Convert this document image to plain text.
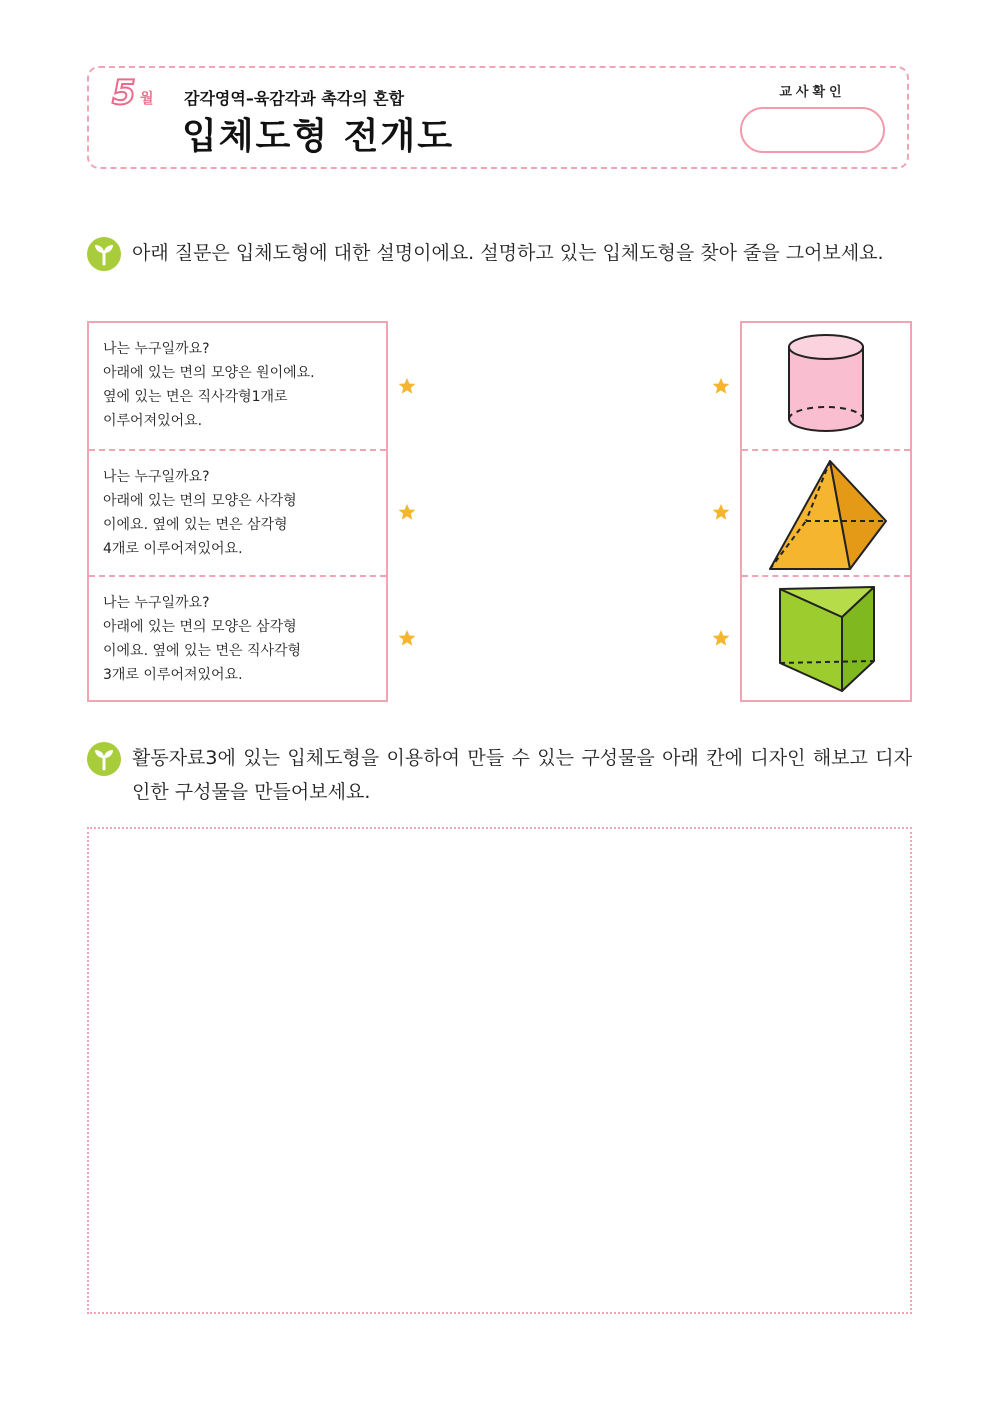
5 월 감각영역–육감각과 촉각의 혼합
입체도형 전개도
교사확인
아래 질문은 입체도형에 대한 설명이에요. 설명하고 있는 입체도형을 찾아 줄을 그어보세요.
나는 누구일까요?
아래에 있는 면의 모양은 원이에요.
옆에 있는 면은 직사각형1개로
이루어져있어요.
나는 누구일까요?
아래에 있는 면의 모양은 사각형
이에요. 옆에 있는 면은 삼각형
4개로 이루어져있어요.
나는 누구일까요?
아래에 있는 면의 모양은 삼각형
이에요. 옆에 있는 면은 직사각형
3개로 이루어져있어요.
활동자료3에 있는 입체도형을 이용하여 만들 수 있는 구성물을 아래 칸에 디자인 해보고 디자인한 구성물을 만들어보세요.
